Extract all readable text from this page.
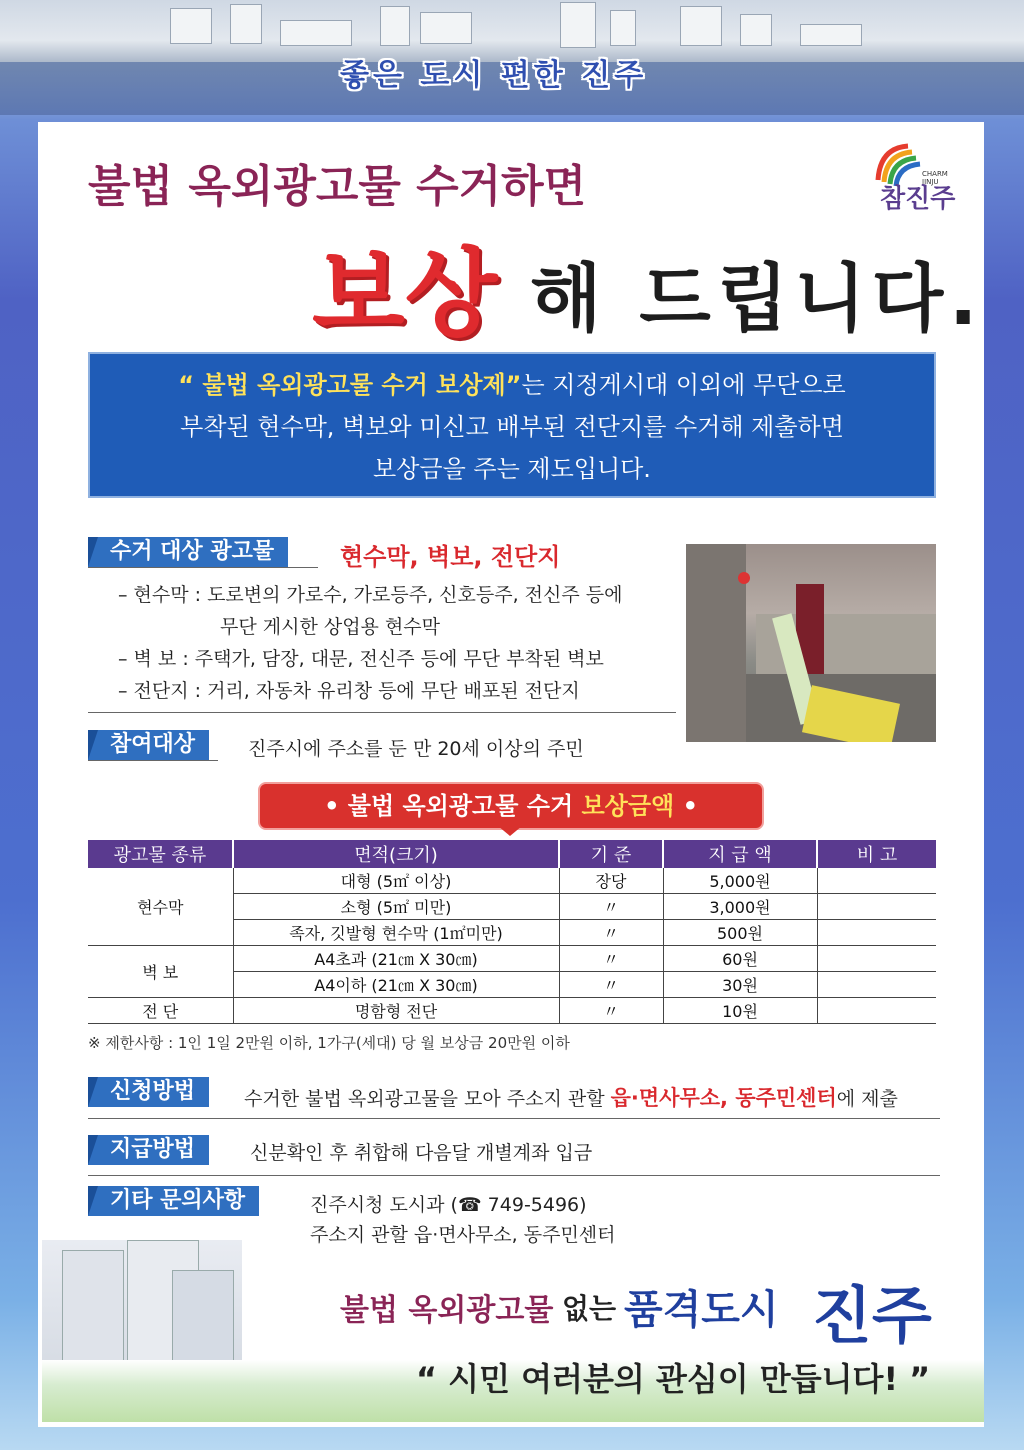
좋은 도시 편한 진주
불법 옥외광고물 수거하면
보상 해 드립니다.
CHARM
JINJU
참진주
“ 불법 옥외광고물 수거 보상제”는 지정게시대 이외에 무단으로
부착된 현수막, 벽보와 미신고 배부된 전단지를 수거해 제출하면
보상금을 주는 제도입니다.
수거 대상 광고물	현수막, 벽보, 전단지
– 현수막 : 도로변의 가로수, 가로등주, 신호등주, 전신주 등에
무단 게시한 상업용 현수막
– 벽 보 : 주택가, 담장, 대문, 전신주 등에 무단 부착된 벽보
– 전단지 : 거리, 자동차 유리창 등에 무단 배포된 전단지
참여대상	진주시에 주소를 둔 만 20세 이상의 주민
• 불법 옥외광고물 수거 보상금액 •
광고물 종류	면적(크기)	기 준	지 급 액	비 고
현수막	대형 (5㎡ 이상)	장당	5,000원	
	소형 (5㎡ 미만)	〃	3,000원	
	족자, 깃발형 현수막 (1㎡미만)	〃	500원	
벽 보	A4초과 (21㎝ X 30㎝)	〃	60원	
	A4이하 (21㎝ X 30㎝)	〃	30원	
전 단	명함형 전단	〃	10원	
※ 제한사항 : 1인 1일 2만원 이하, 1가구(세대) 당 월 보상금 20만원 이하
신청방법	수거한 불법 옥외광고물을 모아 주소지 관할 읍·면사무소, 동주민센터에 제출
지급방법	신분확인 후 취합해 다음달 개별계좌 입금
기타 문의사항	진주시청 도시과 (☎ 749-5496)
주소지 관할 읍·면사무소, 동주민센터
불법 옥외광고물 없는 품격도시 진주
“ 시민 여러분의 관심이 만듭니다! ”
